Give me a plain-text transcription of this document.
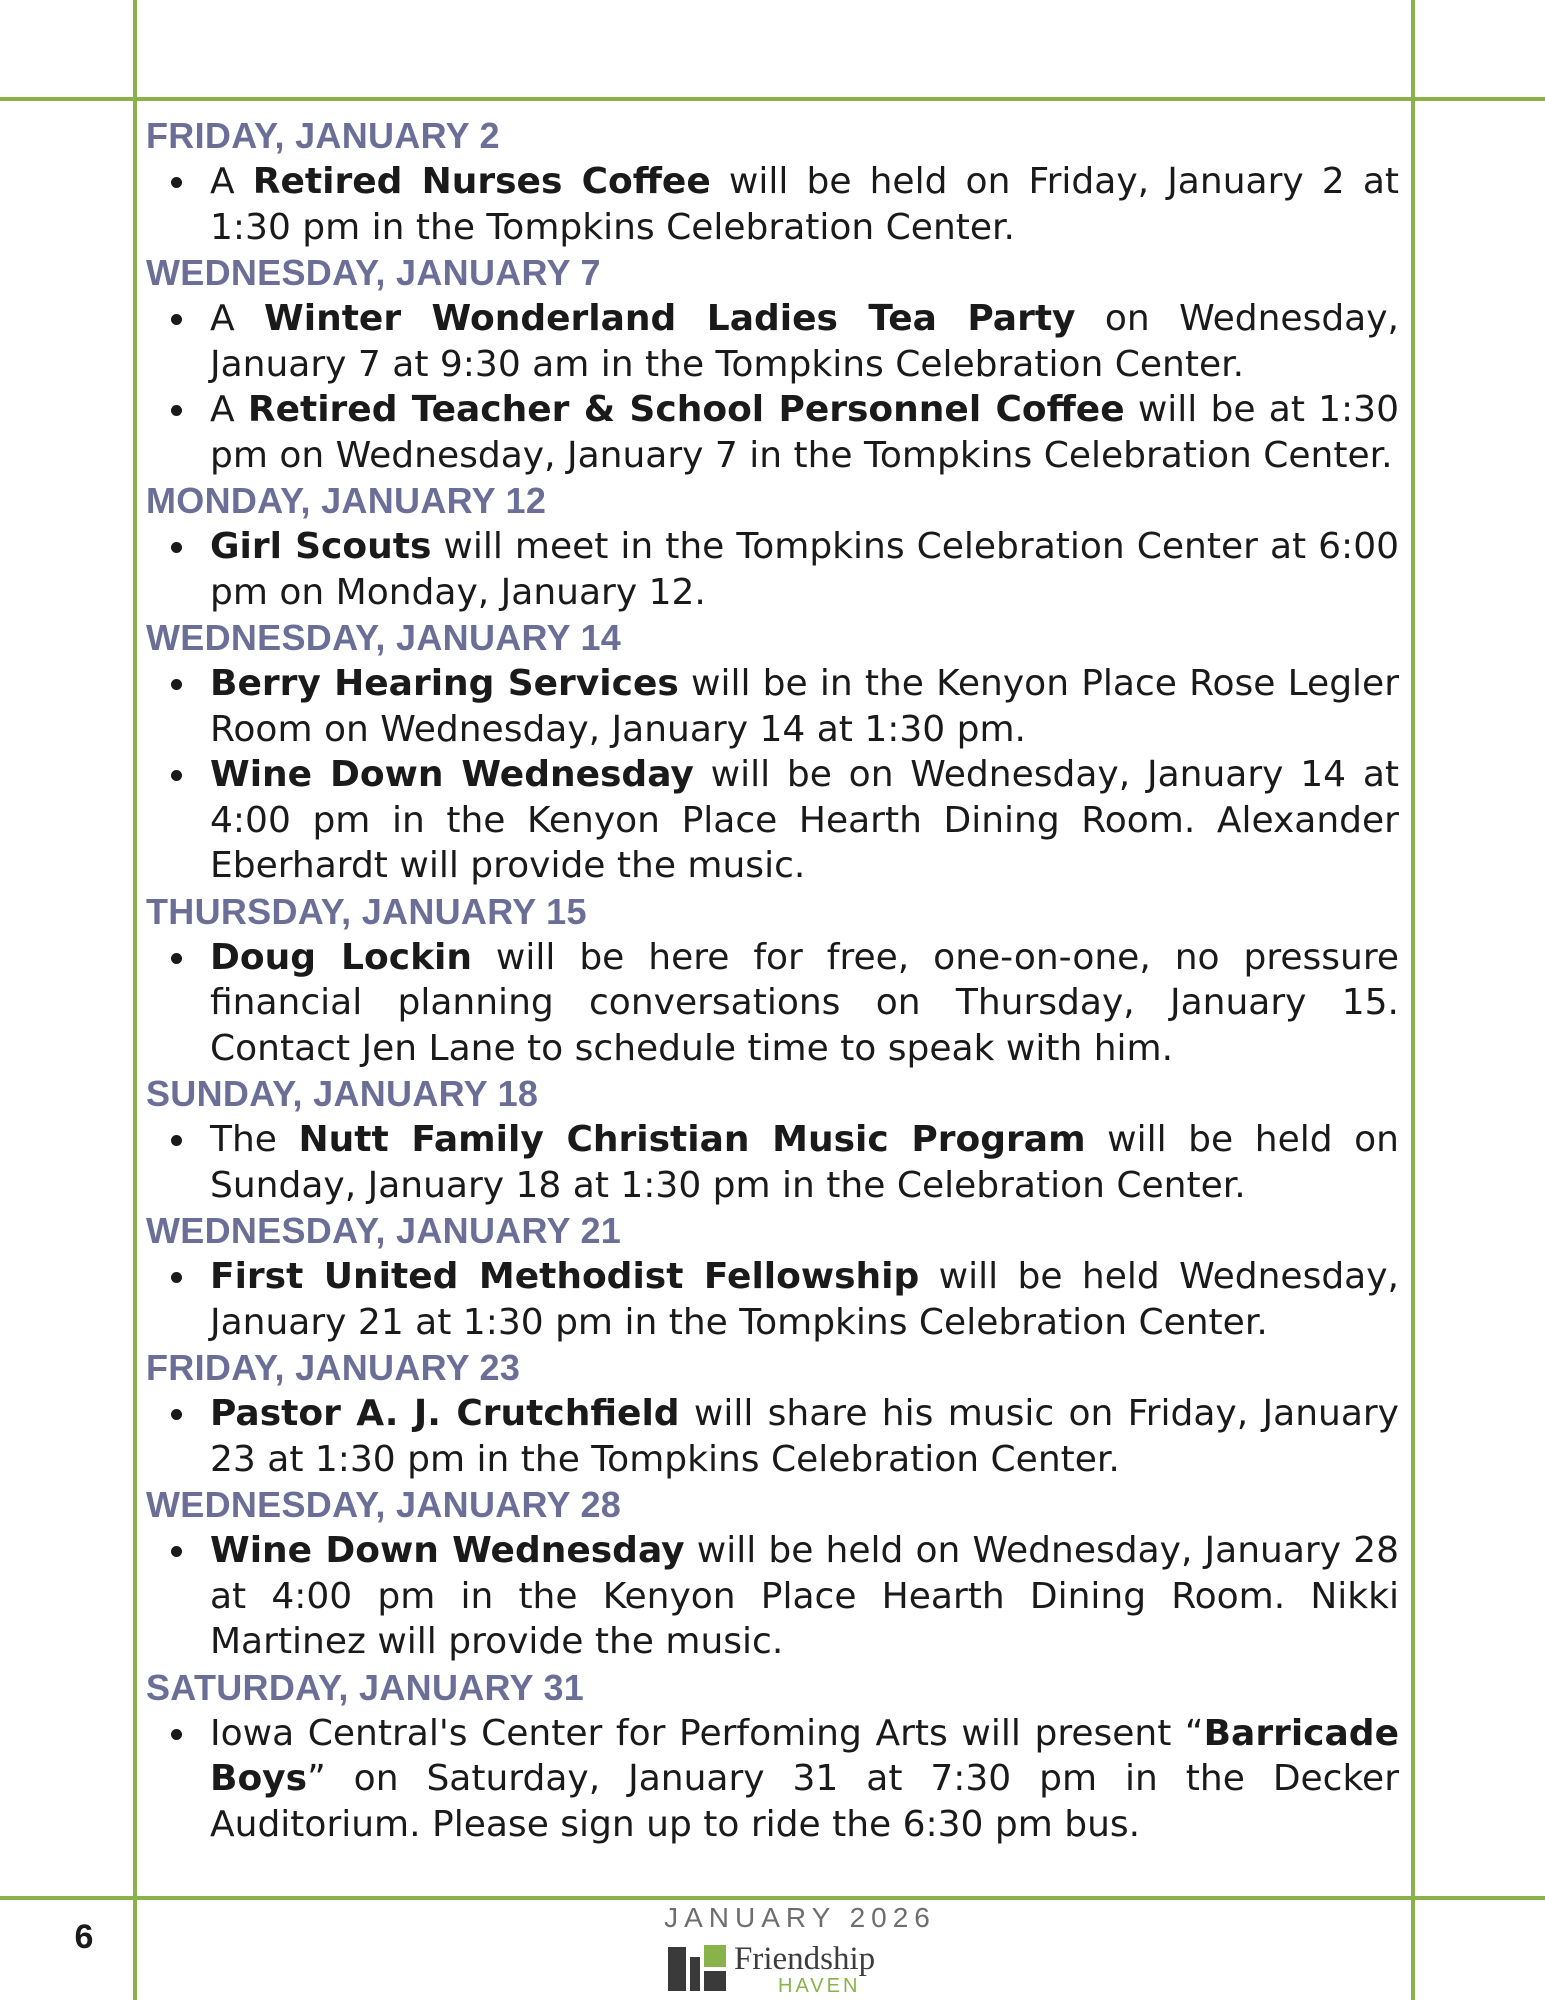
FRIDAY, JANUARY 2
A Retired Nurses Coffee will be held on Friday, January 2 at 1:30 pm in the Tompkins Celebration Center.
WEDNESDAY, JANUARY 7
A Winter Wonderland Ladies Tea Party on Wednesday, January 7 at 9:30 am in the Tompkins Celebration Center.
A Retired Teacher & School Personnel Coffee will be at 1:30 pm on Wednesday, January 7 in the Tompkins Celebration Center.
MONDAY, JANUARY 12
Girl Scouts will meet in the Tompkins Celebration Center at 6:00 pm on Monday, January 12.
WEDNESDAY, JANUARY 14
Berry Hearing Services will be in the Kenyon Place Rose Legler Room on Wednesday, January 14 at 1:30 pm.
Wine Down Wednesday will be on Wednesday, January 14 at 4:00 pm in the Kenyon Place Hearth Dining Room. Alexander Eberhardt will provide the music.
THURSDAY, JANUARY 15
Doug Lockin will be here for free, one-on-one, no pressure financial planning conversations on Thursday, January 15. Contact Jen Lane to schedule time to speak with him.
SUNDAY, JANUARY 18
The Nutt Family Christian Music Program will be held on Sunday, January 18 at 1:30 pm in the Celebration Center.
WEDNESDAY, JANUARY 21
First United Methodist Fellowship will be held Wednesday, January 21 at 1:30 pm in the Tompkins Celebration Center.
FRIDAY, JANUARY 23
Pastor A. J. Crutchfield will share his music on Friday, January 23 at 1:30 pm in the Tompkins Celebration Center.
WEDNESDAY, JANUARY 28
Wine Down Wednesday will be held on Wednesday, January 28 at 4:00 pm in the Kenyon Place Hearth Dining Room. Nikki Martinez will provide the music.
SATURDAY, JANUARY 31
Iowa Central's Center for Perfoming Arts will present “Barricade Boys” on Saturday, January 31 at 7:30 pm in the Decker Auditorium. Please sign up to ride the 6:30 pm bus.
6
JANUARY 2026
Friendship
HAVEN
